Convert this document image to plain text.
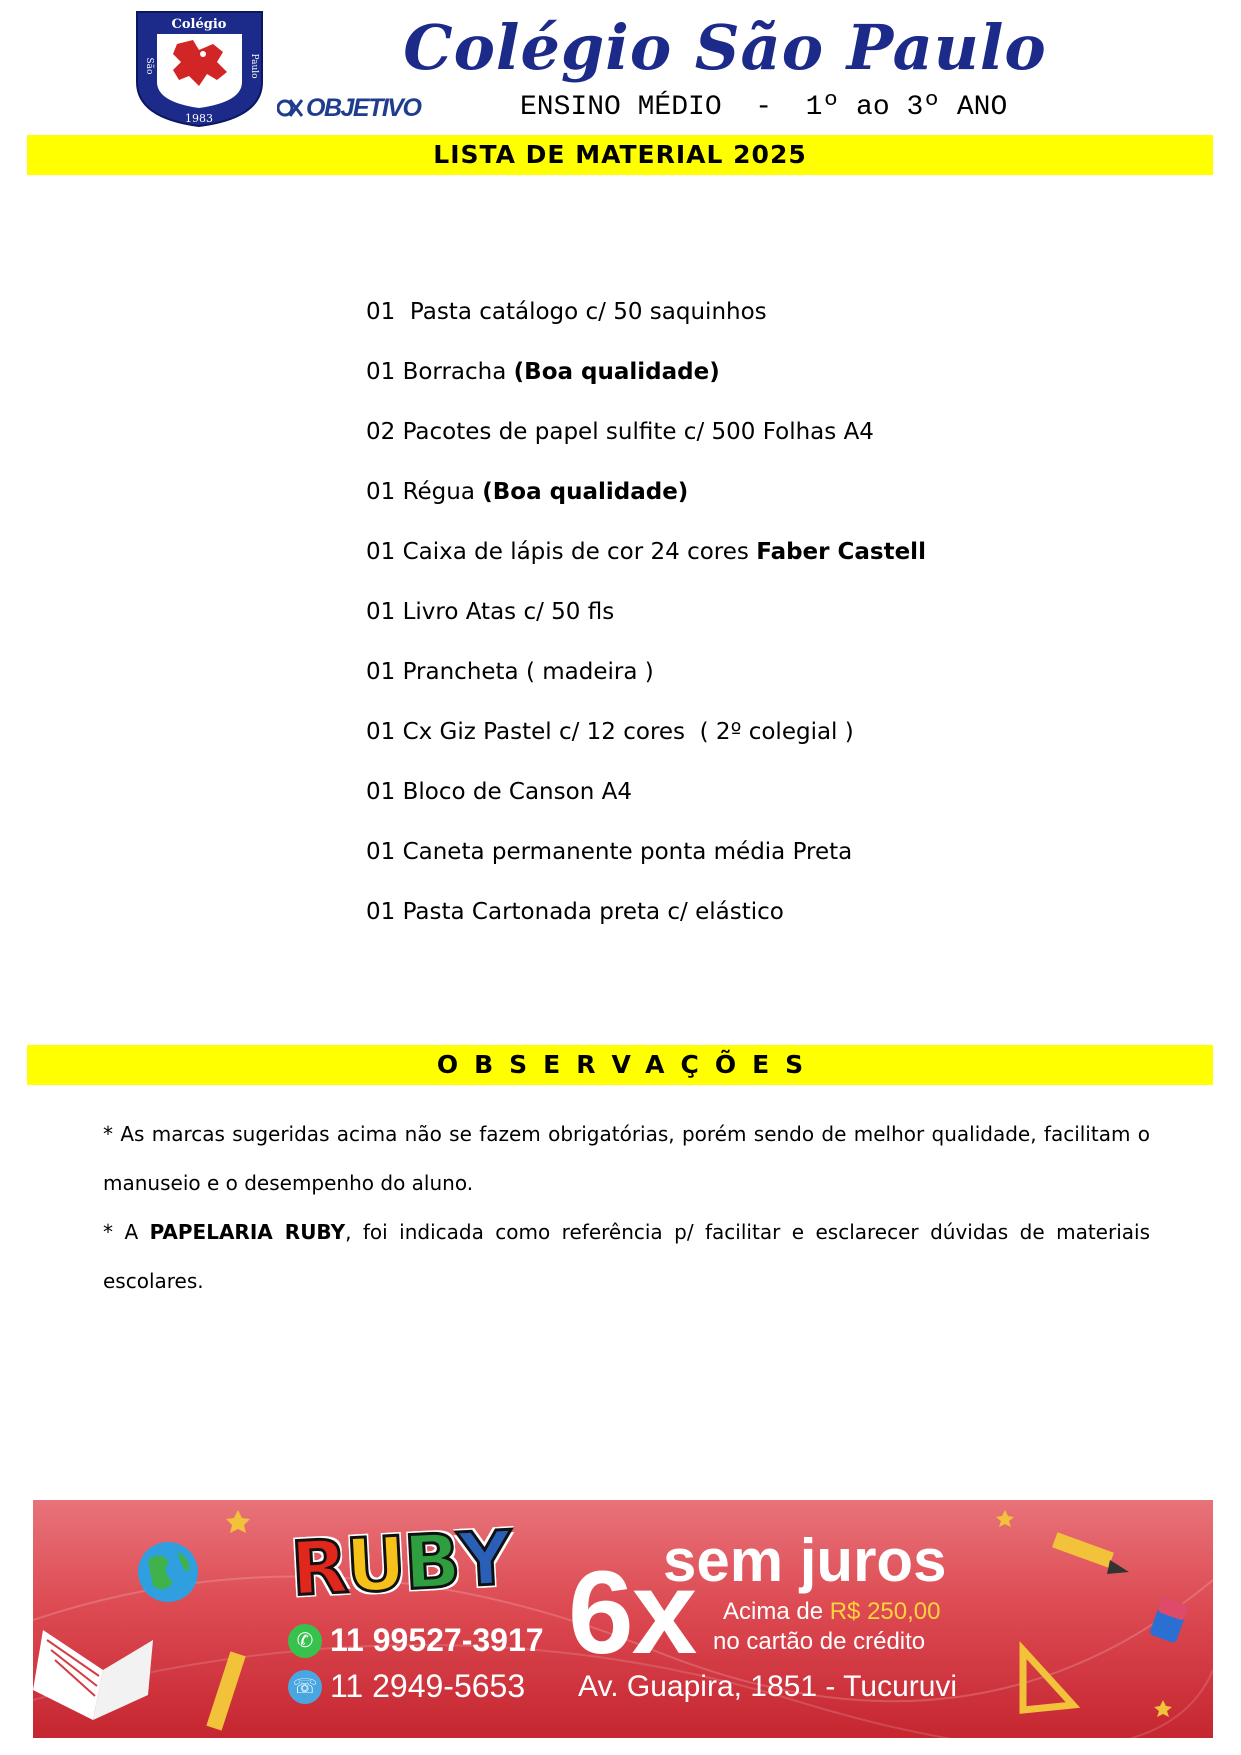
Colégio
São	Paulo
1983	OBJETIVO
Colégio São Paulo
ENSINO MÉDIO  -  1º ao 3º ANO
LISTA DE MATERIAL 2025
01  Pasta catálogo c/ 50 saquinhos
01 Borracha (Boa qualidade)
02 Pacotes de papel sulfite c/ 500 Folhas A4
01 Régua (Boa qualidade)
01 Caixa de lápis de cor 24 cores Faber Castell
01 Livro Atas c/ 50 fls
01 Prancheta ( madeira )
01 Cx Giz Pastel c/ 12 cores  ( 2º colegial )
01 Bloco de Canson A4
01 Caneta permanente ponta média Preta
01 Pasta Cartonada preta c/ elástico
OBSERVAÇÕES

* As marcas sugeridas acima não se fazem obrigatórias, porém sendo de melhor qualidade, facilitam o manuseio e o desempenho do aluno.

* A PAPELARIA RUBY, foi indicada como referência p/ facilitar e esclarecer dúvidas de materiais escolares.

R
U
B
Y
✆ 11 99527-3917
☏ 11 2949-5653
6x
sem juros
Acima de R$ 250,00
no cartão de crédito
Av. Guapira, 1851 - Tucuruvi
